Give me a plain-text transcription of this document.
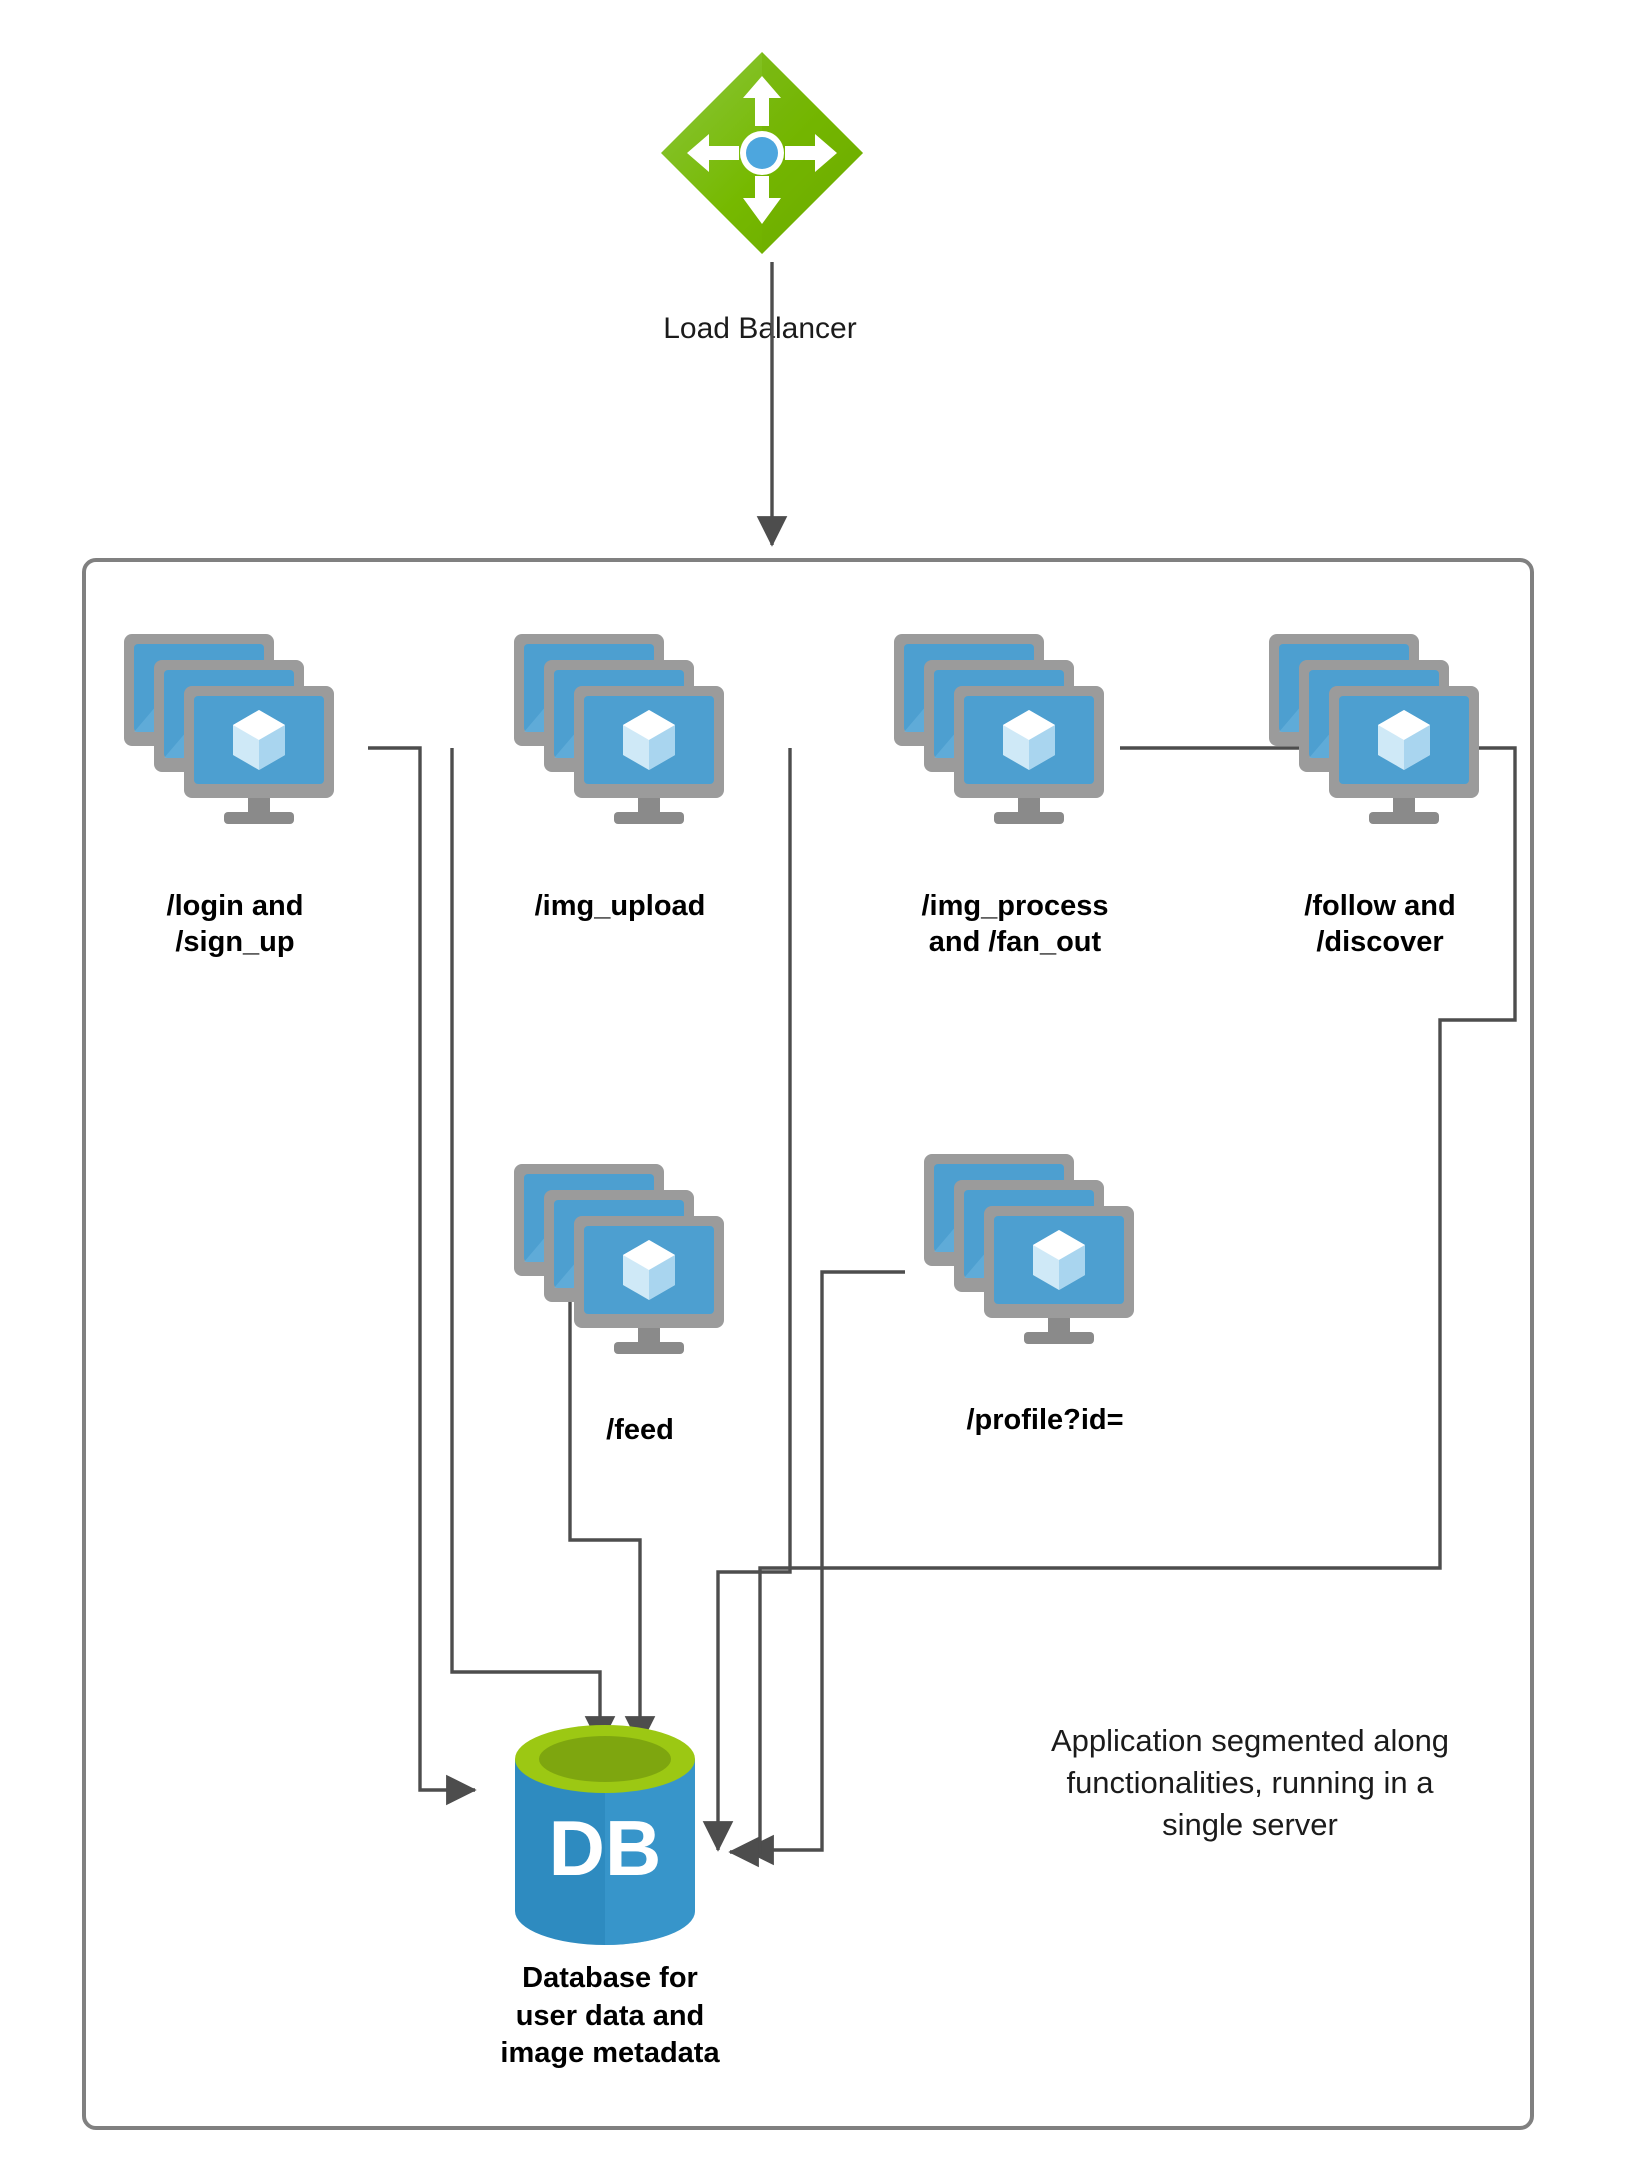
Load Balancer
/login and
/sign_up
/img_upload	/img_process
and /fan_out
/follow and
/discover
/feed	/profile?id=
DB
Database for
user data and
image metadata
Application segmented along functionalities, running in a single server
